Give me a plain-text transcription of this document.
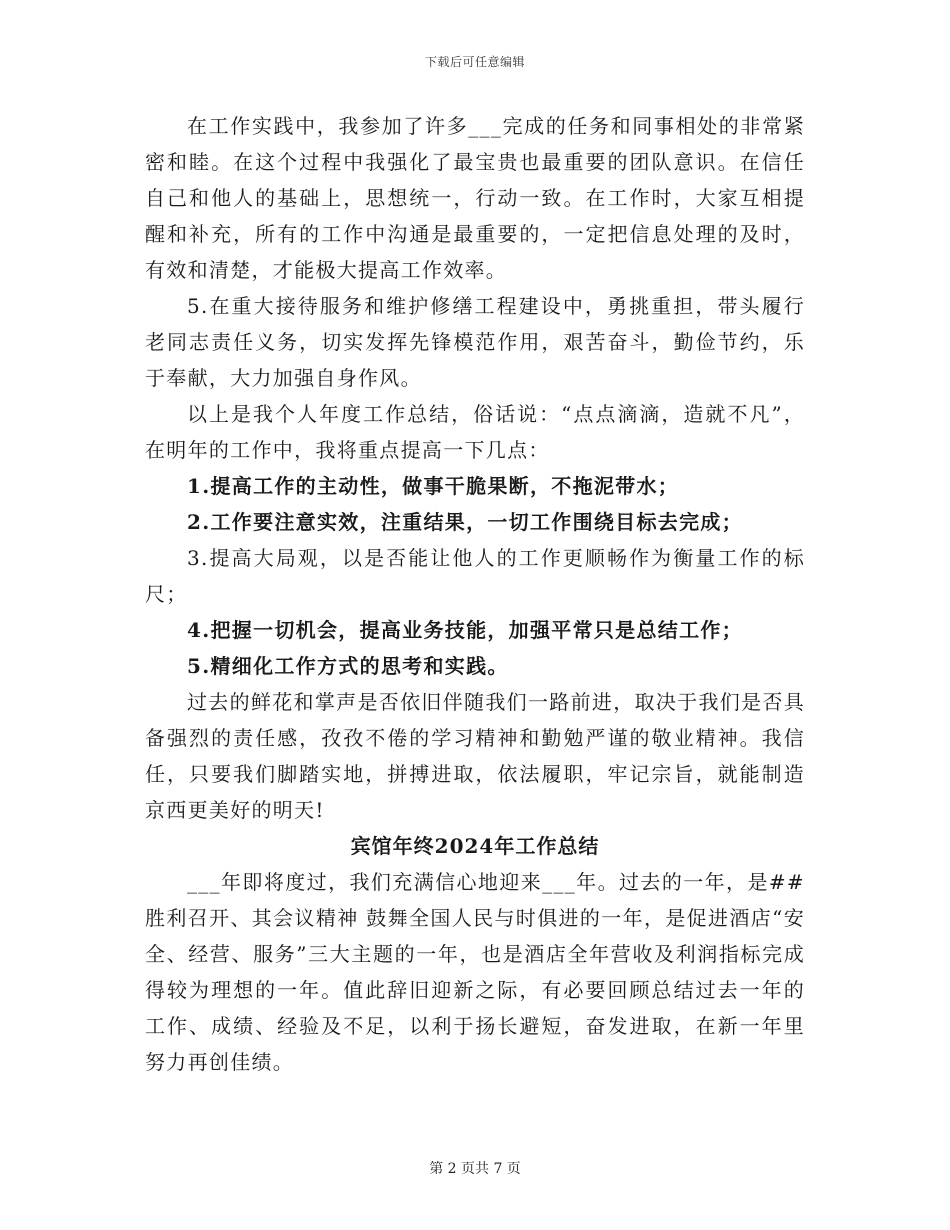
下载后可任意编辑

在工作实践中，我参加了许多___完成的任务和同事相处的非常紧密和睦。在这个过程中我强化了最宝贵也最重要的团队意识。在信任自己和他人的基础上，思想统一，行动一致。在工作时，大家互相提醒和补充，所有的工作中沟通是最重要的，一定把信息处理的及时，有效和清楚，才能极大提高工作效率。

5.在重大接待服务和维护修缮工程建设中，勇挑重担，带头履行老同志责任义务，切实发挥先锋模范作用，艰苦奋斗，勤俭节约，乐于奉献，大力加强自身作风。

以上是我个人年度工作总结，俗话说：“点点滴滴，造就不凡”，在明年的工作中，我将重点提高一下几点：

1.提高工作的主动性，做事干脆果断，不拖泥带水；

2.工作要注意实效，注重结果，一切工作围绕目标去完成；

3.提高大局观，以是否能让他人的工作更顺畅作为衡量工作的标尺；

4.把握一切机会，提高业务技能，加强平常只是总结工作；

5.精细化工作方式的思考和实践。

过去的鲜花和掌声是否依旧伴随我们一路前进，取决于我们是否具备强烈的责任感，孜孜不倦的学习精神和勤勉严谨的敬业精神。我信任，只要我们脚踏实地，拼搏进取，依法履职，牢记宗旨，就能制造京西更美好的明天!

宾馆年终2024年工作总结

___年即将度过，我们充满信心地迎来___年。过去的一年，是##胜利召开、其会议精神 鼓舞全国人民与时俱进的一年，是促进酒店“安全、经营、服务”三大主题的一年，也是酒店全年营收及利润指标完成得较为理想的一年。值此辞旧迎新之际，有必要回顾总结过去一年的工作、成绩、经验及不足，以利于扬长避短，奋发进取，在新一年里努力再创佳绩。

第 2 页共 7 页
